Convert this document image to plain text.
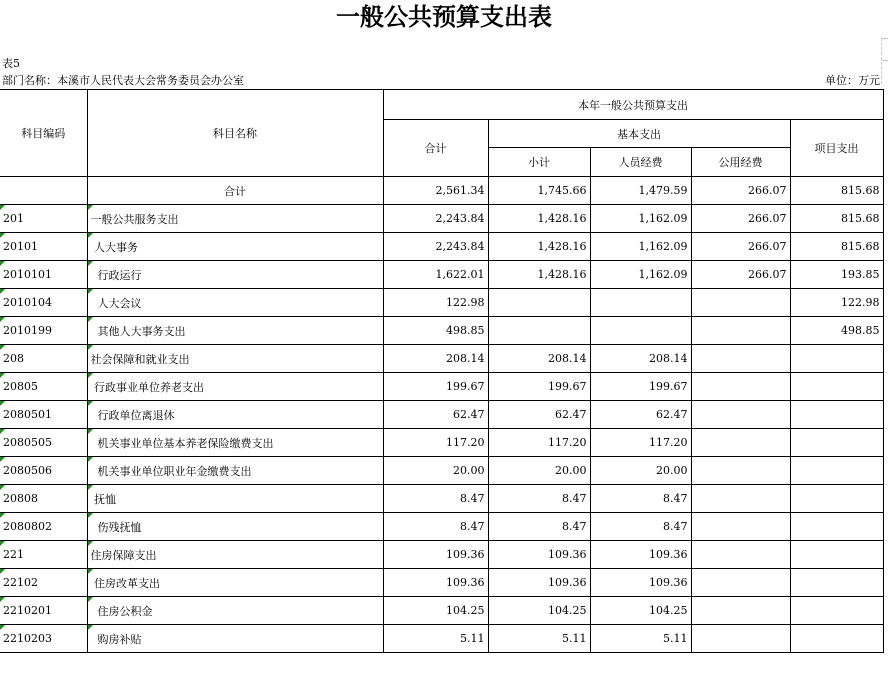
一般公共预算支出表
表5
部门名称：本溪市人民代表大会常务委员会办公室	单位：万元
科目编码	科目名称	本年一般公共预算支出				
		合计	基本支出			项目支出
			小计	人员经费	公用经费	
	合计	2,561.34	1,745.66	1,479.59	266.07	815.68

201	一般公共服务支出	2,243.84	1,428.16	1,162.09	266.07	815.68

20101	人大事务	2,243.84	1,428.16	1,162.09	266.07	815.68

2010101	行政运行	1,622.01	1,428.16	1,162.09	266.07	193.85

2010104	人大会议	122.98				122.98

2010199	其他人大事务支出	498.85				498.85

208	社会保障和就业支出	208.14	208.14	208.14		

20805	行政事业单位养老支出	199.67	199.67	199.67		

2080501	行政单位离退休	62.47	62.47	62.47		

2080505	机关事业单位基本养老保险缴费支出	117.20	117.20	117.20		

2080506	机关事业单位职业年金缴费支出	20.00	20.00	20.00		

20808	抚恤	8.47	8.47	8.47		

2080802	伤残抚恤	8.47	8.47	8.47		

221	住房保障支出	109.36	109.36	109.36		

22102	住房改革支出	109.36	109.36	109.36		

2210201	住房公积金	104.25	104.25	104.25		

2210203	购房补贴	5.11	5.11	5.11		
